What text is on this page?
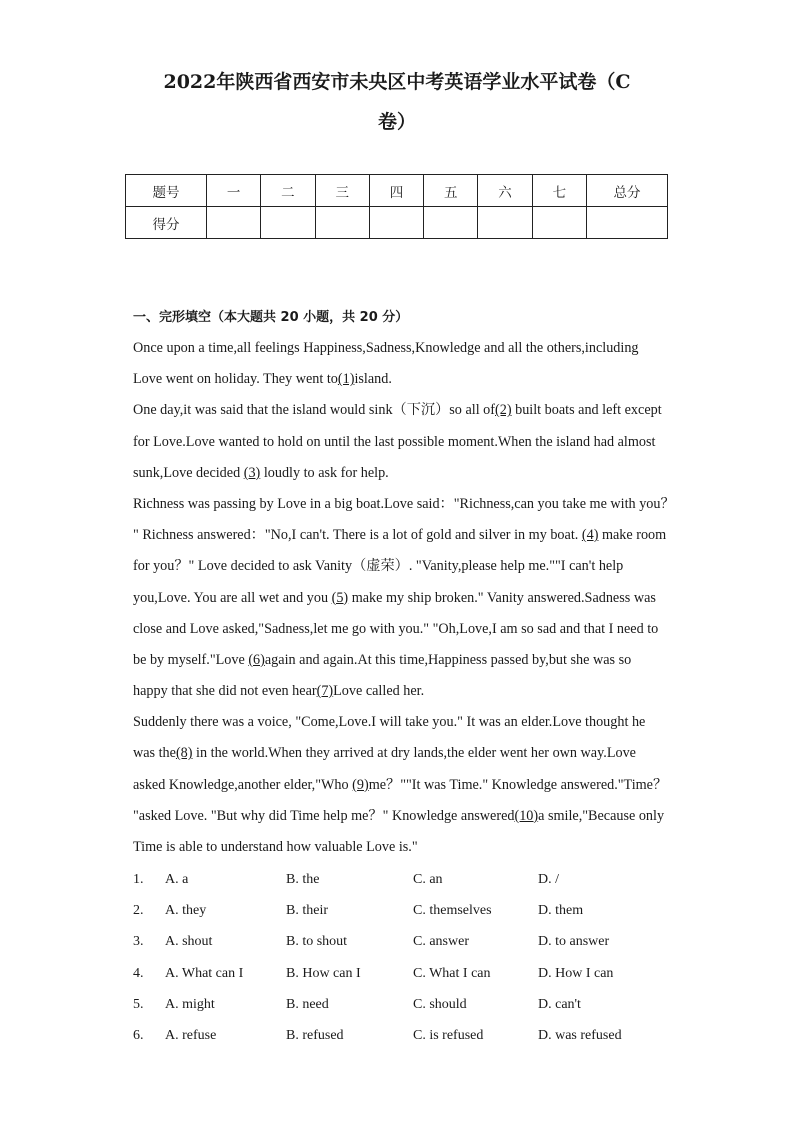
2022年陕西省西安市未央区中考英语学业水平试卷（C
卷）
题号	一	二	三	四	五	六	七	总分
得分								
一、完形填空（本大题共 20 小题，共 20 分）
Once upon a time,all feelings Happiness,Sadness,Knowledge and all the others,including
Love went on holiday. They went to(1)island.
One day,it was said that the island would sink（下沉）so all of(2) built boats and left except
for Love.Love wanted to hold on until the last possible moment.When the island had almost
sunk,Love decided (3) loudly to ask for help.
Richness was passing by Love in a big boat.Love said："Richness,can you take me with you？
" Richness answered："No,I can't. There is a lot of gold and silver in my boat. (4) make room
for you？" Love decided to ask Vanity（虚荣）. "Vanity,please help me.""I can't help
you,Love. You are all wet and you (5) make my ship broken." Vanity answered.Sadness was
close and Love asked,"Sadness,let me go with you." "Oh,Love,I am so sad and that I need to
be by myself."Love (6)again and again.At this time,Happiness passed by,but she was so
happy that she did not even hear(7)Love called her.
Suddenly there was a voice, "Come,Love.I will take you." It was an elder.Love thought he
was the(8) in the world.When they arrived at dry lands,the elder went her own way.Love
asked Knowledge,another elder,"Who (9)me？""It was Time." Knowledge answered."Time？
"asked Love. "But why did Time help me？" Knowledge answered(10)a smile,"Because only
Time is able to understand how valuable Love is."
1. A. a	B. the	C. an	D. /
2. A. they	B. their	C. themselves	D. them
3. A. shout	B. to shout	C. answer	D. to answer
4. A. What can I	B. How can I	C. What I can	D. How I can
5. A. might	B. need	C. should	D. can't
6. A. refuse	B. refused	C. is refused	D. was refused
